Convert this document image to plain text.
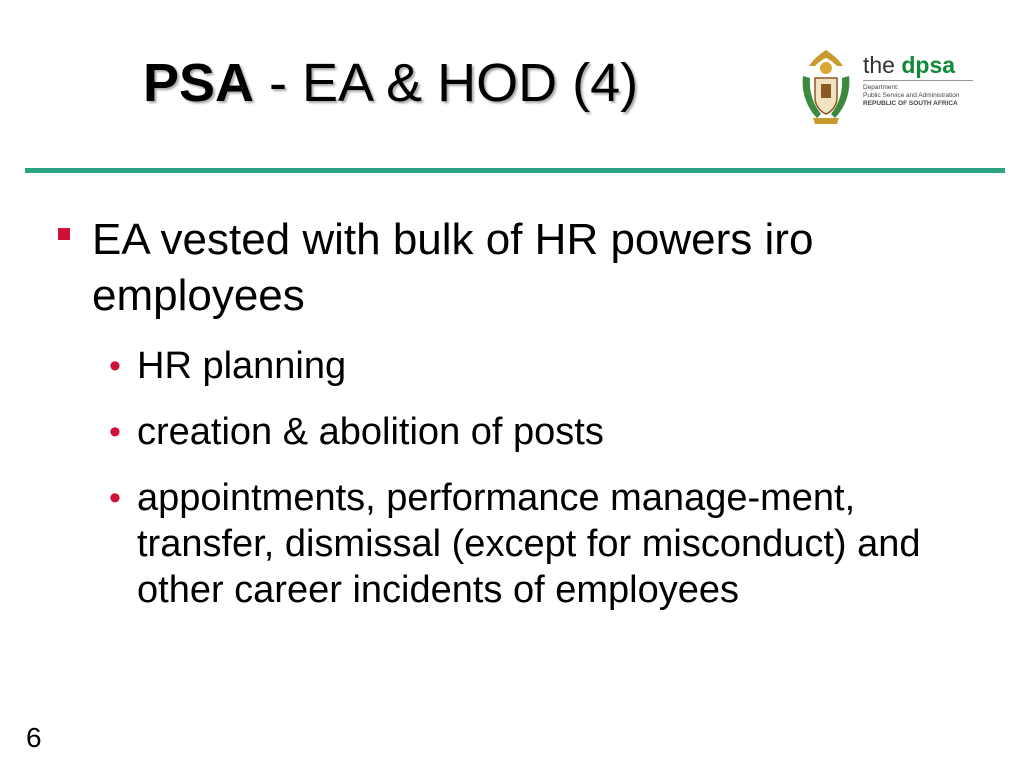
PSA - EA & HOD (4)	the dpsa
Department:
Public Service and Administration
REPUBLIC OF SOUTH AFRICA
EA vested with bulk of HR powers iro employees
• HR planning
• creation & abolition of posts
• appointments, performance manage-ment, transfer, dismissal (except for misconduct) and other career incidents of employees
6
